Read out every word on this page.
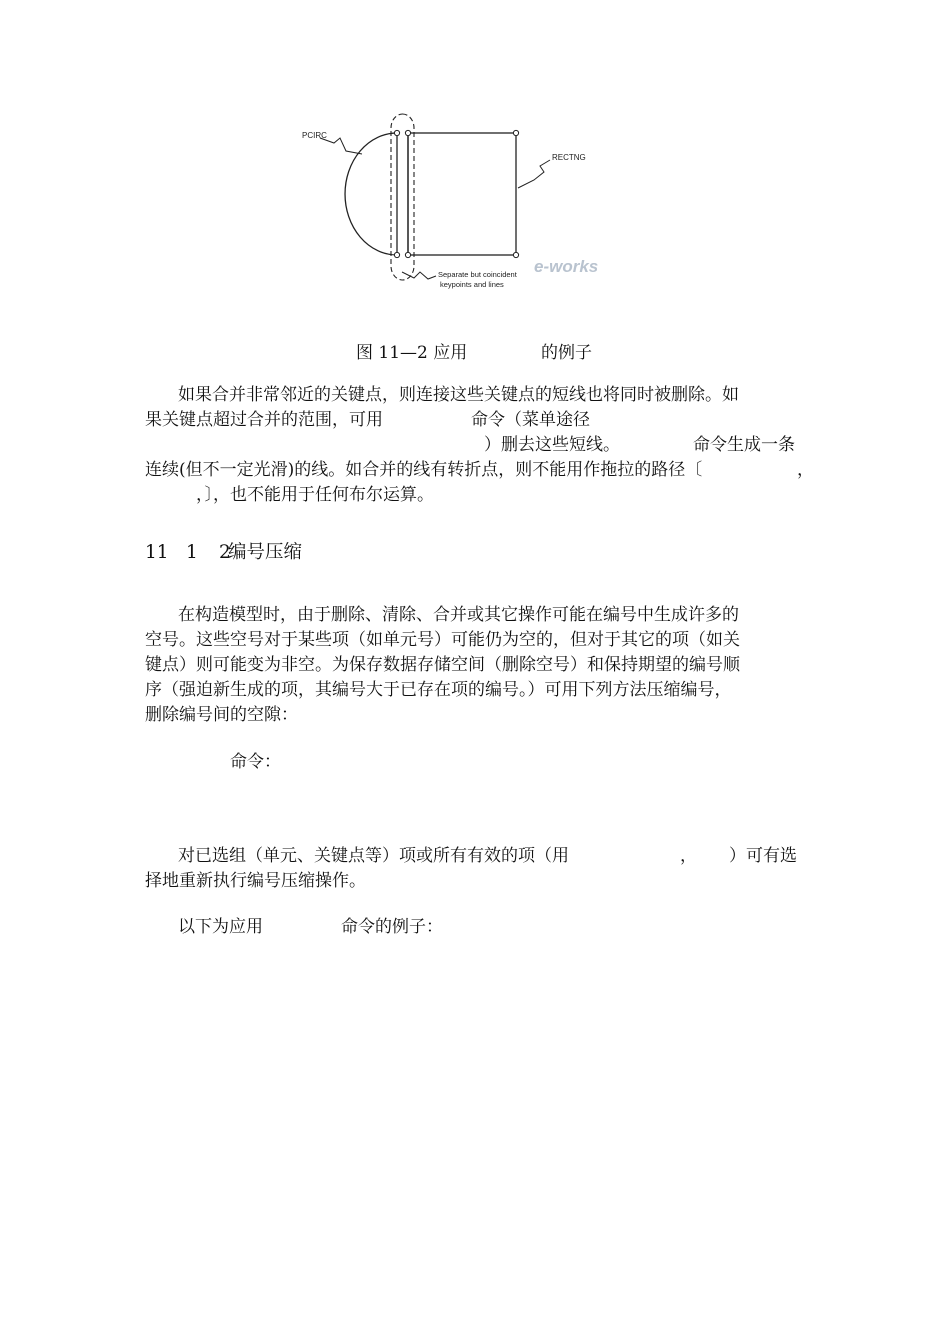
PCIRC
RECTNG
e-works
Separate but coincident
keypoints and lines
图 11—2 应用	的例子
如果合并非常邻近的关键点，则连接这些关键点的短线也将同时被删除。如
果关键点超过合并的范围，可用	命令（菜单途径
）删去这些短线。	命令生成一条
连续(但不一定光滑)的线。如合并的线有转折点，则不能用作拖拉的路径〔	，
，〕，也不能用于任何布尔运算。
11 1 2
编号压缩
在构造模型时，由于删除、清除、合并或其它操作可能在编号中生成许多的
空号。这些空号对于某些项（如单元号）可能仍为空的，但对于其它的项（如关
键点）则可能变为非空。为保存数据存储空间（删除空号）和保持期望的编号顺
序（强迫新生成的项，其编号大于已存在项的编号。）可用下列方法压缩编号，
删除编号间的空隙：
命令：
对已选组（单元、关键点等）项或所有有效的项（用	， ）可有选
择地重新执行编号压缩操作。
以下为应用	命令的例子：
